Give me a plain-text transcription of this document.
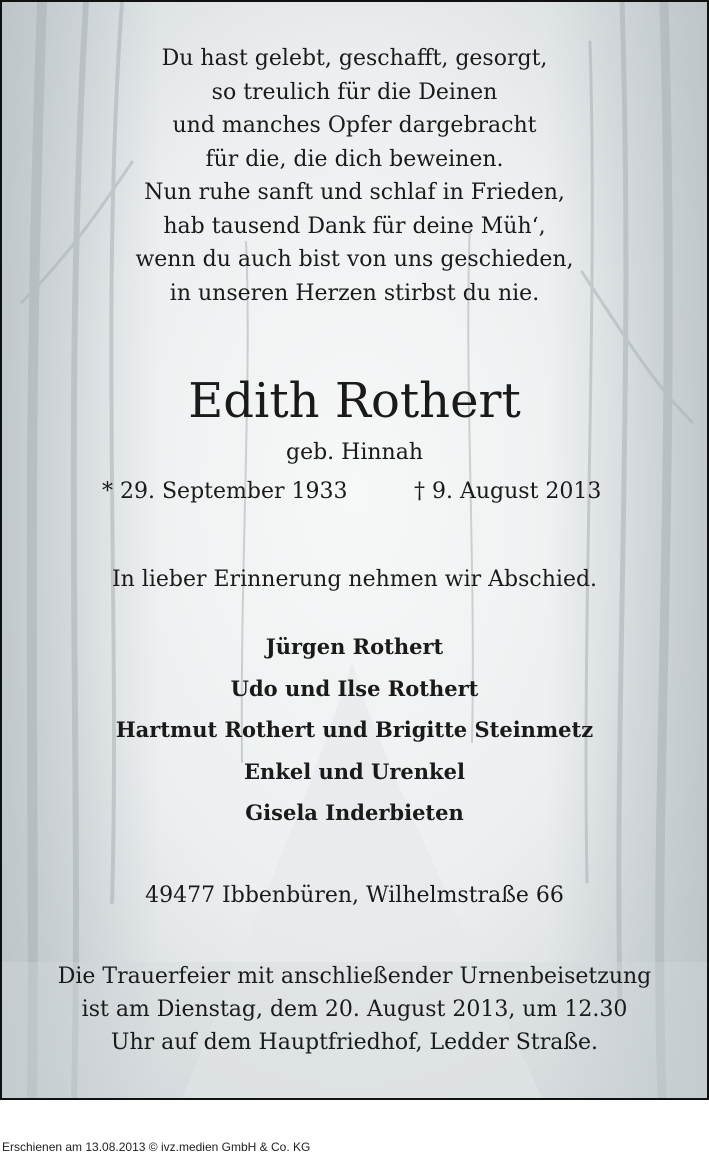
Du hast gelebt, geschafft, gesorgt,
so treulich für die Deinen
und manches Opfer dargebracht
für die, die dich beweinen.
Nun ruhe sanft und schlaf in Frieden,
hab tausend Dank für deine Müh‘,
wenn du auch bist von uns geschieden,
in unseren Herzen stirbst du nie.
Edith Rothert
geb. Hinnah
* 29. September 1933	† 9. August 2013
In lieber Erinnerung nehmen wir Abschied.
Jürgen Rothert
Udo und Ilse Rothert
Hartmut Rothert und Brigitte Steinmetz
Enkel und Urenkel
Gisela Inderbieten
49477 Ibbenbüren, Wilhelmstraße 66
Die Trauerfeier mit anschließender Urnenbeisetzung
ist am Dienstag, dem 20. August 2013, um 12.30
Uhr auf dem Hauptfriedhof, Ledder Straße.
Erschienen am 13.08.2013 © ivz.medien GmbH & Co. KG
